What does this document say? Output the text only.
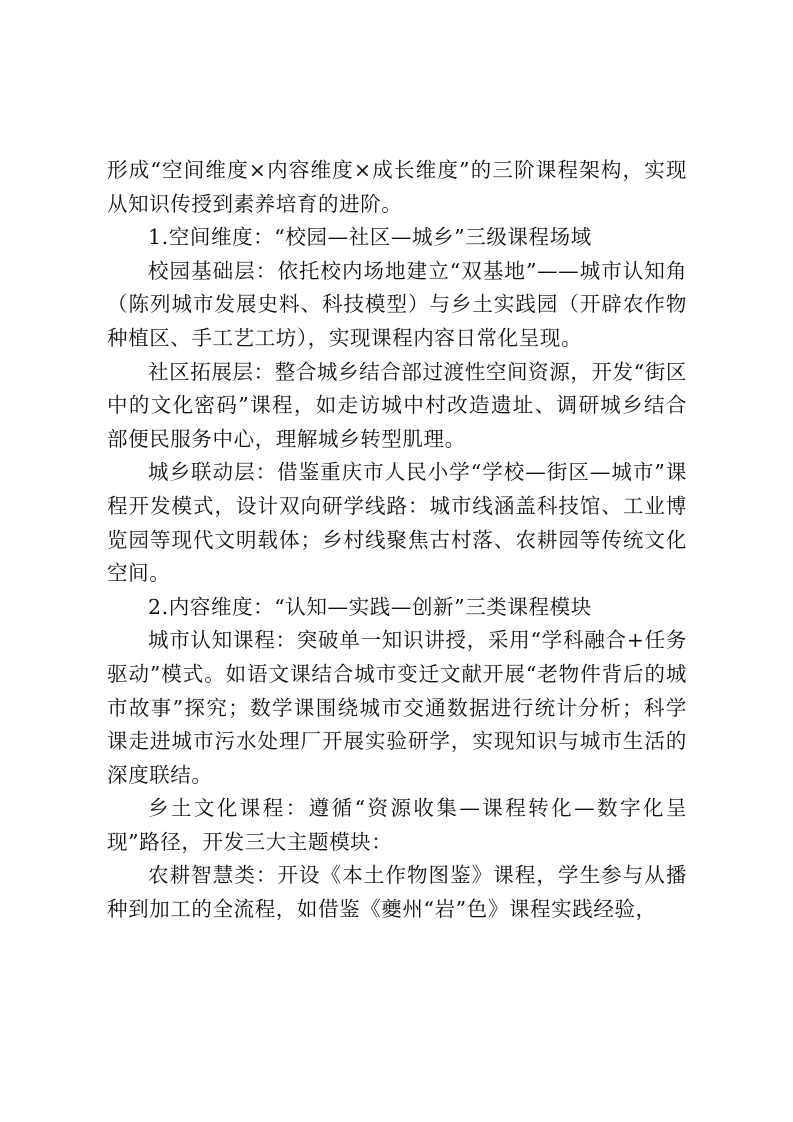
形成“空间维度×内容维度×成长维度”的三阶课程架构，实现从知识传授到素养培育的进阶。

1.空间维度：“校园—社区—城乡”三级课程场域

校园基础层：依托校内场地建立“双基地”——城市认知角（陈列城市发展史料、科技模型）与乡土实践园（开辟农作物种植区、手工艺工坊），实现课程内容日常化呈现。

社区拓展层：整合城乡结合部过渡性空间资源，开发“街区中的文化密码”课程，如走访城中村改造遗址、调研城乡结合部便民服务中心，理解城乡转型肌理。

城乡联动层：借鉴重庆市人民小学“学校—街区—城市”课程开发模式，设计双向研学线路：城市线涵盖科技馆、工业博览园等现代文明载体；乡村线聚焦古村落、农耕园等传统文化空间。

2.内容维度：“认知—实践—创新”三类课程模块

城市认知课程：突破单一知识讲授，采用“学科融合+任务驱动”模式。如语文课结合城市变迁文献开展“老物件背后的城市故事”探究；数学课围绕城市交通数据进行统计分析；科学课走进城市污水处理厂开展实验研学，实现知识与城市生活的深度联结。

乡土文化课程：遵循“资源收集—课程转化—数字化呈现”路径，开发三大主题模块：

农耕智慧类：开设《本土作物图鉴》课程，学生参与从播种到加工的全流程，如借鉴《夔州“岩”色》课程实践经验，
